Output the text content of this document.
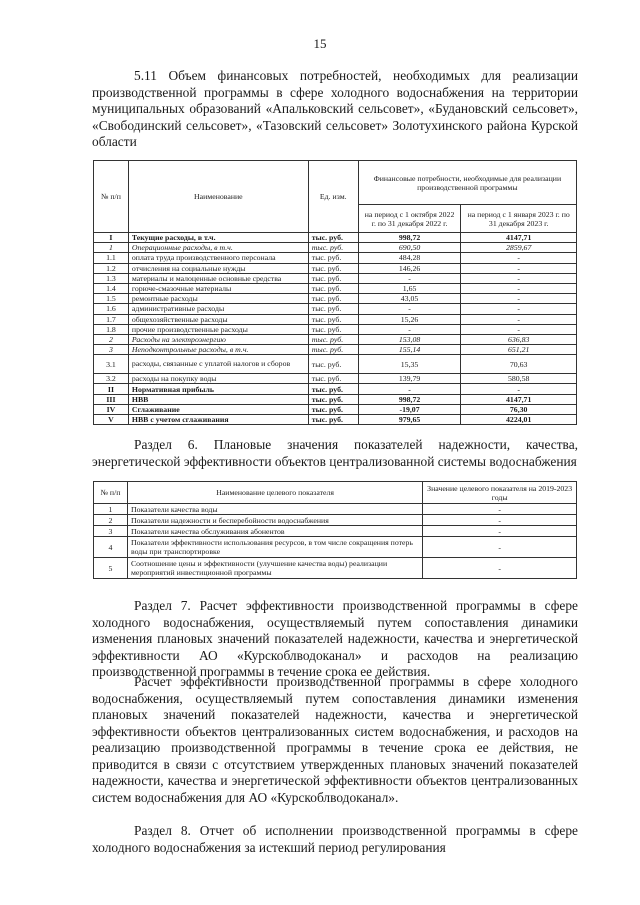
15
5.11 Объем финансовых потребностей, необходимых для реализации производственной программы в сфере холодного водоснабжения на территории муниципальных образований «Апальковский сельсовет», «Будановский сельсовет», «Свободинский сельсовет», «Тазовский сельсовет» Золотухинского района Курской области
№ п/п	Наименование	Ед. изм.	Финансовые потребности, необходимые для реализации производственной программы	
			на период с 1 октября 2022 г. по 31 декабря 2022 г.	на период с 1 января 2023 г. по 31 декабря 2023 г.
I	Текущие расходы, в т.ч.	тыс. руб.	998,72	4147,71
1	Операционные расходы, в т.ч.	тыс. руб.	690,50	2859,67
1.1	оплата труда производственного персонала	тыс. руб.	484,28	-
1.2	отчисления на социальные нужды	тыс. руб.	146,26	-
1.3	материалы и малоценные основные средства	тыс. руб.	-	-
1.4	горюче-смазочные материалы	тыс. руб.	1,65	-
1.5	ремонтные расходы	тыс. руб.	43,05	-
1.6	административные расходы	тыс. руб.	-	-
1.7	общехозяйственные расходы	тыс. руб.	15,26	-
1.8	прочие производственные расходы	тыс. руб.	-	-
2	Расходы на электроэнергию	тыс. руб.	153,08	636,83
3	Неподконтрольные расходы, в т.ч.	тыс. руб.	155,14	651,21
3.1	расходы, связанные с уплатой налогов и сборов	тыс. руб.	15,35	70,63
3.2	расходы на покупку воды	тыс. руб.	139,79	580,58
II	Нормативная прибыль	тыс. руб.	-	-
III	НВВ	тыс. руб.	998,72	4147,71
IV	Сглаживание	тыс. руб.	-19,07	76,30
V	НВВ с учетом сглаживания	тыс. руб.	979,65	4224,01
Раздел 6. Плановые значения показателей надежности, качества, энергетической эффективности объектов централизованной системы водоснабжения
№ п/п	Наименование целевого показателя	Значение целевого показателя на 2019-2023 годы
1	Показатели качества воды	-
2	Показатели надежности и бесперебойности водоснабжения	-
3	Показатели качества обслуживания абонентов	-
4	Показатели эффективности использования ресурсов, в том числе сокращения потерь воды при транспортировке	-
5	Соотношение цены и эффективности (улучшение качества воды) реализации мероприятий инвестиционной программы	-
Раздел 7. Расчет эффективности производственной программы в сфере холодного водоснабжения, осуществляемый путем сопоставления динамики изменения плановых значений показателей надежности, качества и энергетической эффективности АО «Курскоблводоканал» и расходов на реализацию производственной программы в течение срока ее действия.
Расчет эффективности производственной программы в сфере холодного водоснабжения, осуществляемый путем сопоставления динамики изменения плановых значений показателей надежности, качества и энергетической эффективности объектов централизованных систем водоснабжения, и расходов на реализацию производственной программы в течение срока ее действия, не приводится в связи с отсутствием утвержденных плановых значений показателей надежности, качества и энергетической эффективности объектов централизованных систем водоснабжения для АО «Курскоблводоканал».
Раздел 8. Отчет об исполнении производственной программы в сфере холодного водоснабжения за истекший период регулирования
